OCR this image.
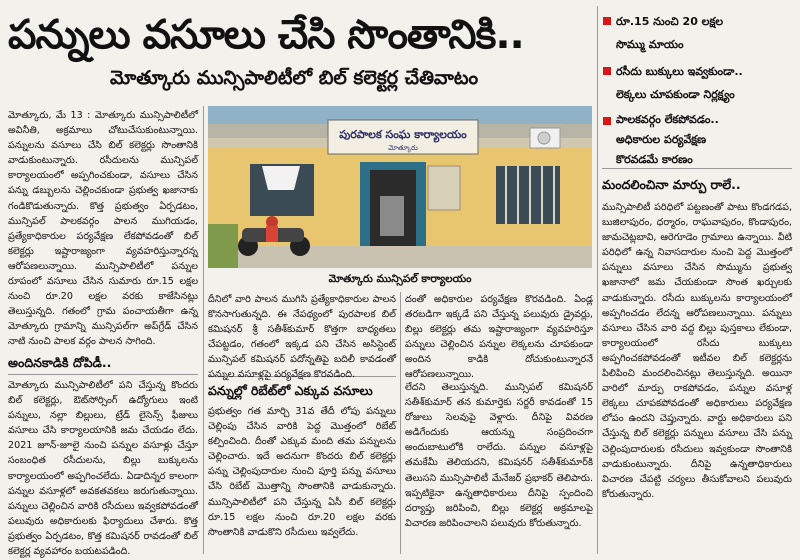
పన్నులు వసూలు చేసి సొంతానికి..
మోత్కూరు మున్సిపాలిటీలో బిల్ కలెక్టర్ల చేతివాటం

మోత్కూరు, మే 13 : మోత్కూరు మున్సిపాలిటీలో అవినీతి, అక్రమాలు చోటుచేసుకుంటున్నాయి. పన్నులను వసూలు చేసి బిల్ కలెక్టర్లు సొంతానికి వాడుకుంటున్నారు. రసీదులను మున్సిపల్ కార్యాలయంలో అప్పగించకుండా, వసూలు చేసిన పన్ను డబ్బులను చెల్లించకుండా ప్రభుత్వ ఖజానాకు గండికొడుతున్నారు. కొత్త ప్రభుత్వం ఏర్పడటం, మున్సిపల్ పాలకవర్గం పాలన ముగియడం, ప్రత్యేకాధికారుల పర్యవేక్షణ లేకపోవడంతో బిల్ కలెక్టర్లు ఇష్టారాజ్యంగా వ్యవహరిస్తున్నారన్న ఆరోపణలున్నాయి. మున్సిపాలిటీలో పన్నుల రూపంలో వసూలు చేసిన సుమారు రూ.15 లక్షల నుంచి రూ.20 లక్షల వరకు కాజేసినట్లు తెలుస్తున్నది. గతంలో గ్రామ పంచాయతీగా ఉన్న మోత్కూరు గ్రామాన్ని మున్సిపల్‌గా అప్‌గ్రేడ్ చేసిన నాటి నుంచి పాలక వర్గం పాలన సాగింది.

అందినకాడికి దోపిడీ..

మోత్కూరు మున్సిపాలిటీలో పని చేస్తున్న కొందరు బిల్ కలెక్టర్లు, ఔట్‌సోర్సింగ్ ఉద్యోగులు ఇంటి పన్నులు, నల్లా బిల్లులు, ట్రేడ్ లైసెన్స్ ఫీజులు వసూలు చేసి కార్యాలయానికి జమ చేయడం లేదు. 2021 జూన్-జూలై నుంచి పన్నుల వసూళ్లు చేస్తూ సంబంధిత రసీదులను, బిల్లు బుక్కులను కార్యాలయంలో అప్పగించలేదు. ఏడాదిన్నర కాలంగా పన్నుల వసూళ్లలో అవకతవకలు జరుగుతున్నాయి. పన్నులు చెల్లించిన వారికి రసీదులు ఇవ్వకపోవడంతో పలువురు అధికారులకు ఫిర్యాదులు చేశారు. కొత్త ప్రభుత్వం ఏర్పడటం, కొత్త కమిషనర్ రావడంతో బిల్ కలెక్టర్ల వ్యవహారం బయటపడింది.

పురపాలక సంఘ కార్యాలయం
మోత్కూరు
మోత్కూరు మున్సిపల్ కార్యాలయం

దీనిలో వారి పాలన ముగిసి ప్రత్యేకాధికారుల పాలన కొనసాగుతున్నది. ఈ నేపథ్యంలో పురపాలక బిల్ కమిషనర్ శ్రీ సతీశ్‌కుమార్ కొత్తగా బాధ్యతలు చేపట్టడం, గతంలో ఇక్కడ పని చేసిన అసిస్టెంట్ మున్సిపల్ కమిషనర్ పదోన్నతిపై బదిలీ కావడంతో పన్నుల వసూళ్లపై పర్యవేక్షణ కొరవడింది.

పన్నుల్లో రిబేట్‌లో ఎక్కువ వసూలు

ప్రభుత్వం గత మార్చి 31వ తేదీ లోపు పన్నులు చెల్లింపు చేసిన వారికి పెద్ద మొత్తంలో రిబేట్ కల్పించింది. దీంతో ఎక్కువ మంది తమ పన్నులను చెల్లించారు. ఇదే అదనుగా కొందరు బిల్ కలెక్టర్లు పన్ను చెల్లింపుదారుల నుంచి పూర్తి పన్ను వసూలు చేసి రిబేట్ మొత్తాన్ని సొంతానికి వాడుకున్నారు. మున్సిపాలిటీలో పని చేస్తున్న ఏసీ బిల్ కలెక్టర్లు రూ.15 లక్షల నుంచి రూ.20 లక్షల వరకు సొంతానికి వాడుకొని రసీదులు ఇవ్వలేదు.

దంతో అధికారుల పర్యవేక్షణ కొరవడింది. ఏండ్ల తరబడిగా ఇక్కడే పని చేస్తున్న పలువురు డ్రైవర్లు, బిల్లు కలెక్టర్లు తమ ఇష్టారాజ్యంగా వ్యవహరిస్తూ పన్నులు చెల్లించిన పన్నుల లెక్కలను చూపకుండా అందిన కాడికి దోచుకుంటున్నారనే ఆరోపణలున్నాయి.

లేదని తెలుస్తున్నది. మున్సిపల్ కమిషనర్ సతీశ్‌కుమార్ తన కుమార్తెకు సర్జరీ కావడంతో 15 రోజులు సెలవుపై వెళ్లారు. దీనిపై వివరణ అడిగేందుకు ఆయన్ను సంప్రదించగా అందుబాటులోకి రాలేదు. పన్నుల వసూళ్లపై తమకేమీ తెలియదని, కమిషనర్ సతీశ్‌కుమార్‌కి తెలుసని మున్సిపాలిటీ మేనేజర్ ప్రభాకర్ తెలిపారు. ఇప్పటికైనా ఉన్నతాధికారులు దీనిపై స్పందించి దర్యాప్తు జరిపించి, బిల్లు కలెక్టర్ల అక్రమాలపై విచారణ జరిపించాలని పలువురు కోరుతున్నారు.

రూ.15 నుంచి 20 లక్షల
సొమ్ము మాయం
రసీదు బుక్కులు ఇవ్వకుండా..
లెక్కలు చూపకుండా నిర్లక్ష్యం
పాలకవర్గం లేకపోవడం..
అధికారుల పర్యవేక్షణ
కొరవడమే కారణం
మందలించినా మార్పు రాలే..

మున్సిపాలిటీ పరిధిలో పట్టణంతో పాటు కొండగడప, బుజిలాపురం, ధర్మారం, రాఘవాపురం, కొండాపురం, జామచెట్లబావి, ఆరెగూడెం గ్రామాలు ఉన్నాయి. వీటి పరిధిలో ఉన్న నివాసదారుల నుంచి పెద్ద మొత్తంలో పన్నులు వసూలు చేసిన సొమ్మును ప్రభుత్వ ఖజానాలో జమ చేయకుండా సొంత ఖర్చులకు వాడుకున్నారు. రసీదు బుక్కులను కార్యాలయంలో అప్పగించడం లేదన్న ఆరోపణలున్నాయి. పన్నులు వసూలు చేసిన వారి వద్ద బిల్లు పుస్తకాలు లేకుండా, కార్యాలయంలో రసీదు బుక్కులు అప్పగించకపోవడంతో ఇటీవల బిల్ కలెక్టర్లను పిలిపించి మందలించినట్లు తెలుస్తున్నది. అయినా వారిలో మార్పు రాకపోవడం, పన్నుల వసూళ్ల లెక్కలు చూపకపోవడంతో అధికారులు పర్యవేక్షణ లోపం ఉందని చెప్తున్నారు. వార్డు అధికారులు పని చేస్తున్న బిల్ కలెక్టర్లు పన్నులు వసూలు చేసి పన్ను చెల్లింపుదారులకు రసీదులు ఇవ్వకుండా సొంతానికి వాడుకుంటున్నారు. దీనిపై ఉన్నతాధికారులు విచారణ చేపట్టి చర్యలు తీసుకోవాలని పలువురు కోరుతున్నారు.
